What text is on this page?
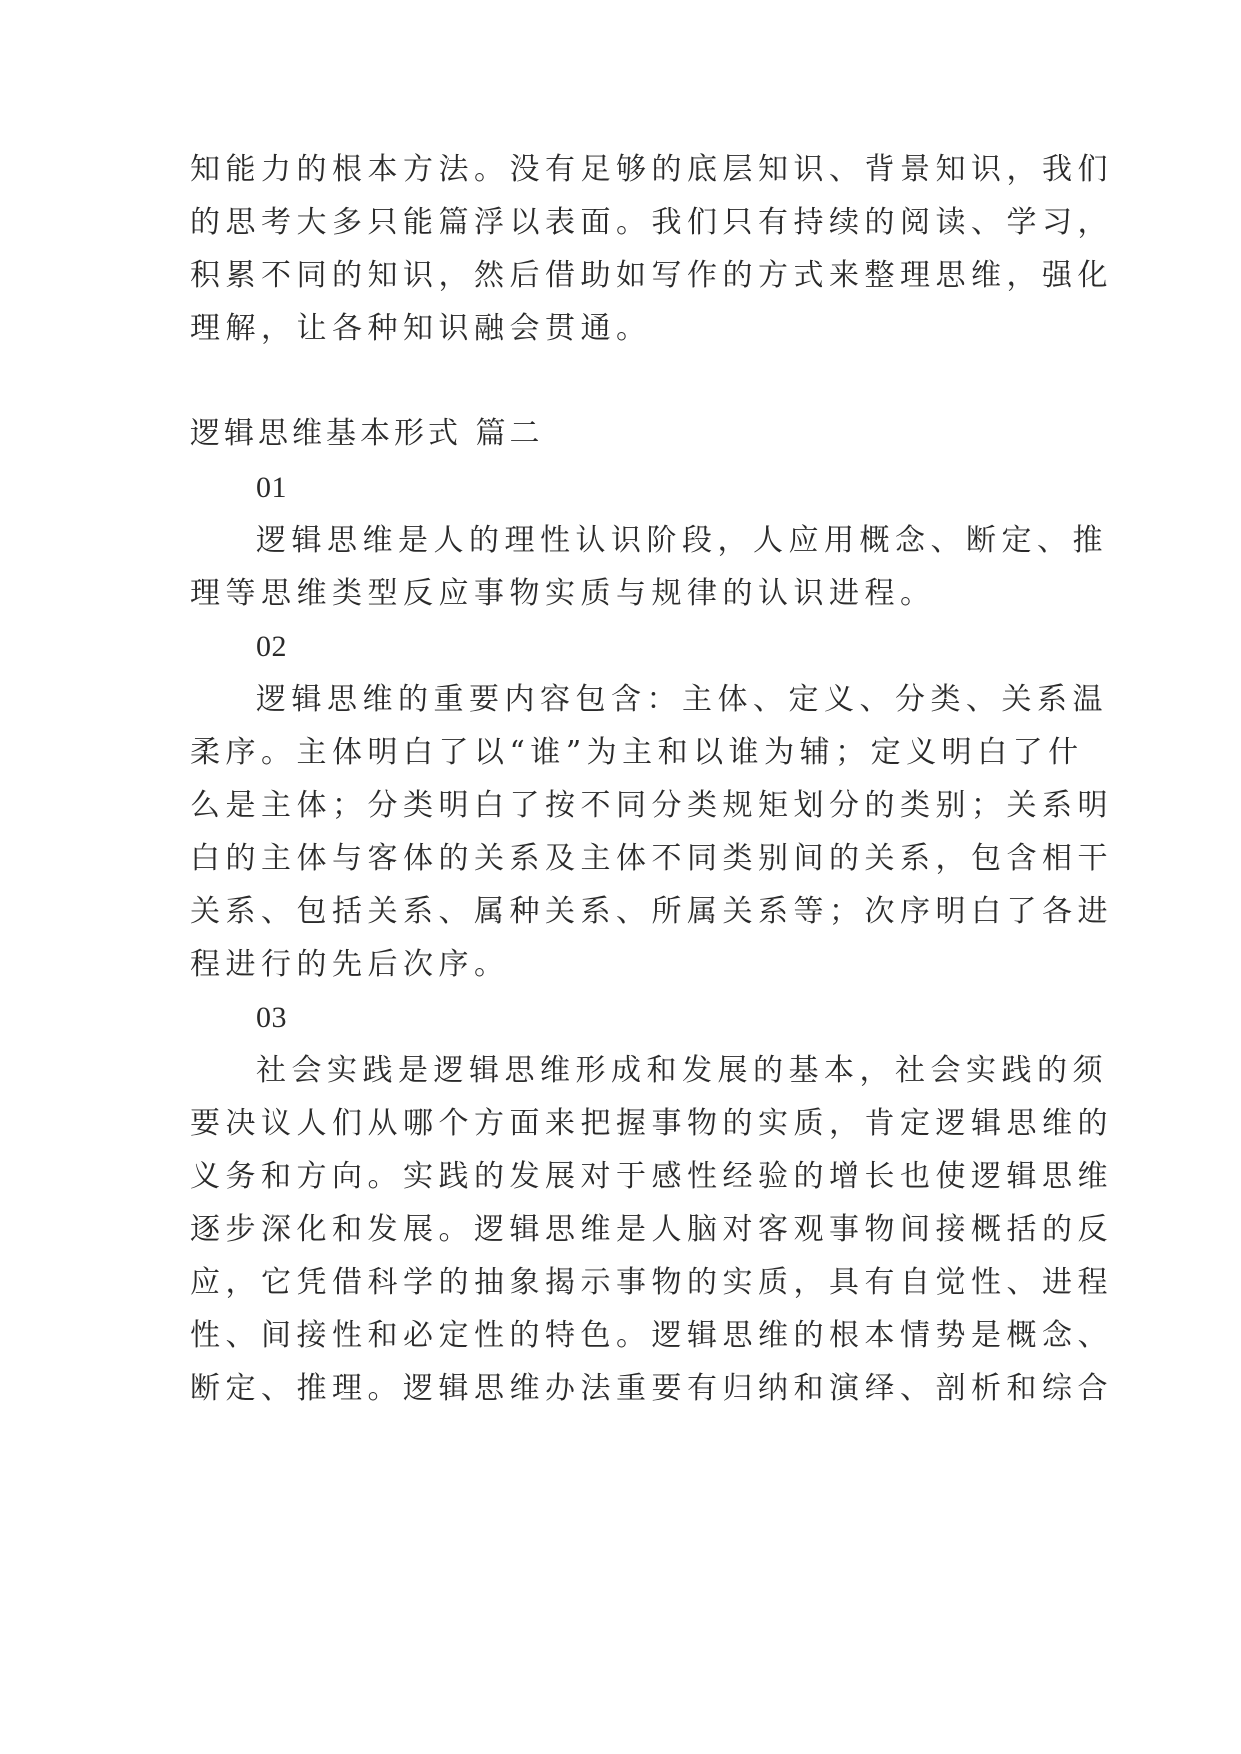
知能力的根本方法。没有足够的底层知识、背景知识，我们
的思考大多只能篇浮以表面。我们只有持续的阅读、学习，
积累不同的知识，然后借助如写作的方式来整理思维，强化
理解，让各种知识融会贯通。
逻辑思维基本形式 篇二
01
逻辑思维是人的理性认识阶段，人应用概念、断定、推
理等思维类型反应事物实质与规律的认识进程。
02
逻辑思维的重要内容包含：主体、定义、分类、关系温
柔序。主体明白了以“谁”为主和以谁为辅；定义明白了什
么是主体；分类明白了按不同分类规矩划分的类别；关系明
白的主体与客体的关系及主体不同类别间的关系，包含相干
关系、包括关系、属种关系、所属关系等；次序明白了各进
程进行的先后次序。
03
社会实践是逻辑思维形成和发展的基本，社会实践的须
要决议人们从哪个方面来把握事物的实质，肯定逻辑思维的
义务和方向。实践的发展对于感性经验的增长也使逻辑思维
逐步深化和发展。逻辑思维是人脑对客观事物间接概括的反
应，它凭借科学的抽象揭示事物的实质，具有自觉性、进程
性、间接性和必定性的特色。逻辑思维的根本情势是概念、
断定、推理。逻辑思维办法重要有归纳和演绎、剖析和综合
